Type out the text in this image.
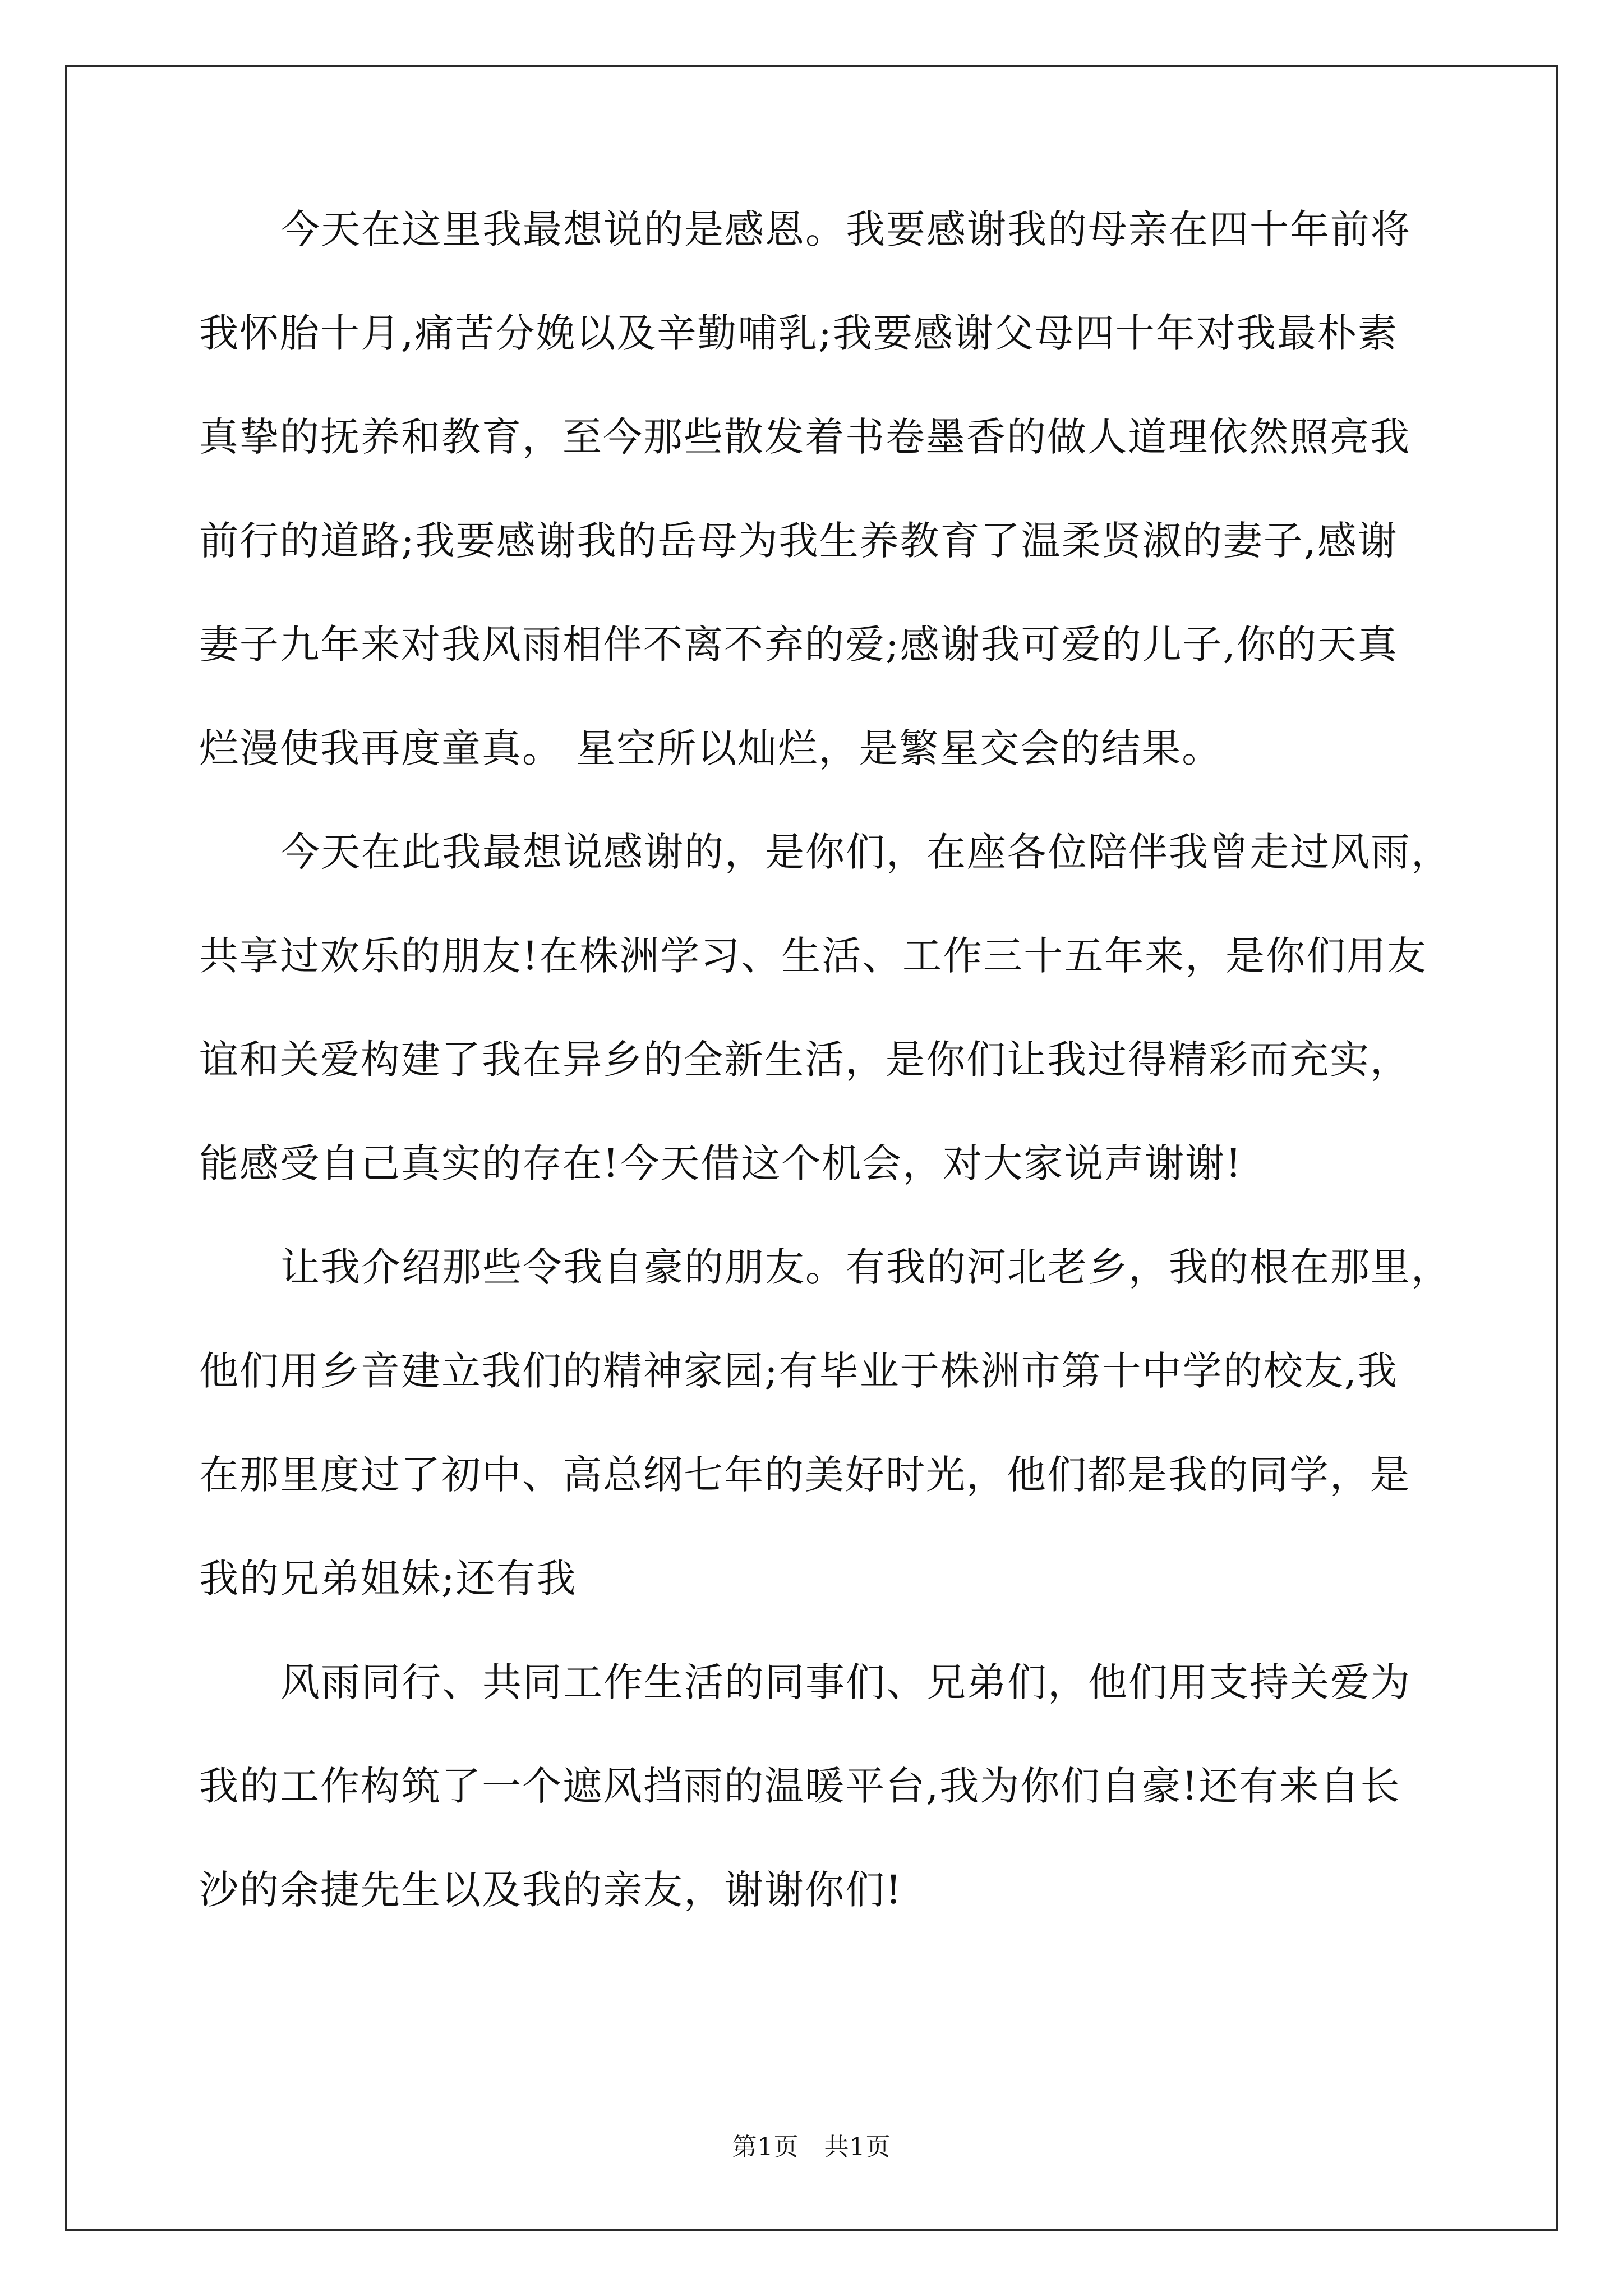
今天在这里我最想说的是感恩。我要感谢我的母亲在四十年前将
我怀胎十月,痛苦分娩以及辛勤哺乳;我要感谢父母四十年对我最朴素
真挚的抚养和教育，至今那些散发着书卷墨香的做人道理依然照亮我
前行的道路;我要感谢我的岳母为我生养教育了温柔贤淑的妻子,感谢
妻子九年来对我风雨相伴不离不弃的爱;感谢我可爱的儿子,你的天真
烂漫使我再度童真。 星空所以灿烂，是繁星交会的结果。
今天在此我最想说感谢的，是你们，在座各位陪伴我曾走过风雨，
共享过欢乐的朋友!在株洲学习、生活、工作三十五年来，是你们用友
谊和关爱构建了我在异乡的全新生活，是你们让我过得精彩而充实，
能感受自己真实的存在!今天借这个机会，对大家说声谢谢!
让我介绍那些令我自豪的朋友。有我的河北老乡，我的根在那里，
他们用乡音建立我们的精神家园;有毕业于株洲市第十中学的校友,我
在那里度过了初中、高总纲七年的美好时光，他们都是我的同学，是
我的兄弟姐妹;还有我
风雨同行、共同工作生活的同事们、兄弟们，他们用支持关爱为
我的工作构筑了一个遮风挡雨的温暖平台,我为你们自豪!还有来自长
沙的余捷先生以及我的亲友，谢谢你们!
第1页　共1页
